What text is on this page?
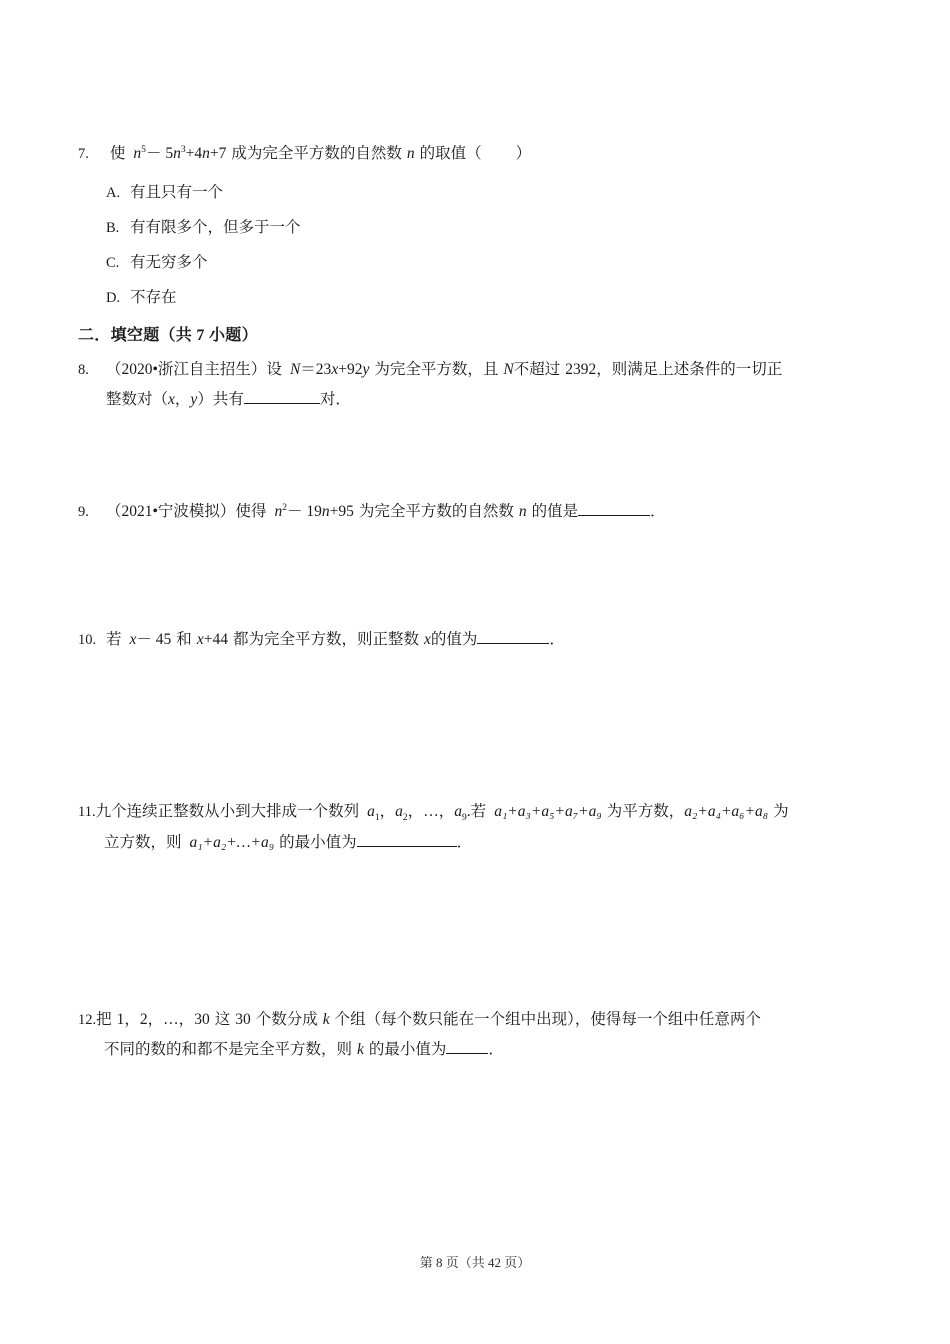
7. 使 $n^5- 5n^3+4n+7$ 成为完全平方数的自然数 n 的取值（ ）
A. 有且只有一个
B. 有有限多个，但多于一个
C. 有无穷多个
D. 不存在
二．填空题（共 7 小题）
8. （2020•浙江自主招生）设 N＝23x+92y 为完全平方数，且 N不超过 2392，则满足上述条件的一切正
整数对（x，y）共有	对．
9. （2021•宁波模拟）使得 $n^2- 19n+95$ 为完全平方数的自然数 n 的值是	．
10. 若 x－ 45 和 x+44 都为完全平方数，则正整数 x的值为	．
11.九个连续正整数从小到大排成一个数列 $a_1$，$a_2$，…，$a_9$.若 a₁+a₃+a₅+a₇+a₉ 为平方数，a₂+a₄+a₆+a₈ 为
立方数，则 a₁+a₂+…+a₉ 的最小值为	．
12.把 1，2，…，30 这 30 个数分成 k 个组（每个数只能在一个组中出现），使得每一个组中任意两个
不同的数的和都不是完全平方数，则 k 的最小值为	．
第 8 页（共 42 页）
